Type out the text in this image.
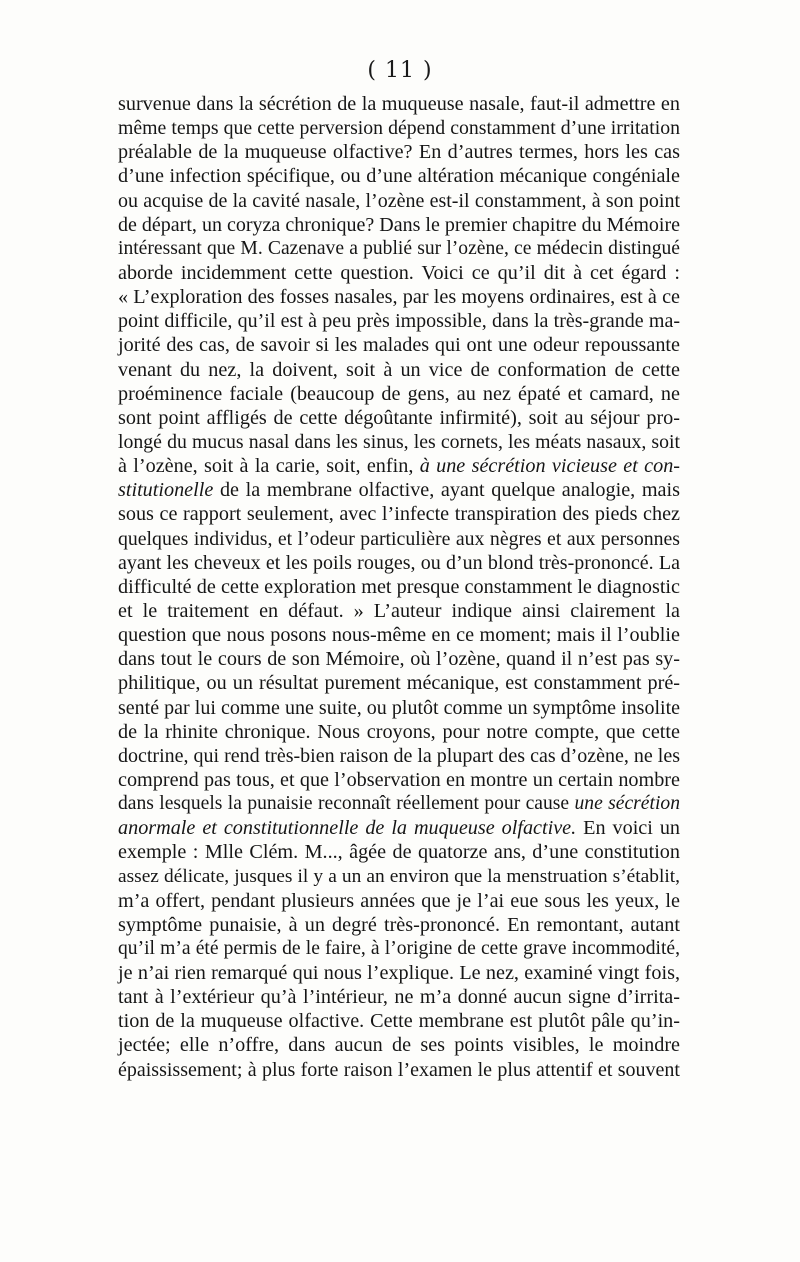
( 11 )
survenue dans la sécrétion de la muqueuse nasale, faut-il admettre en
même temps que cette perversion dépend constamment d’une irritation
préalable de la muqueuse olfactive? En d’autres termes, hors les cas
d’une infection spécifique, ou d’une altération mécanique congéniale
ou acquise de la cavité nasale, l’ozène est-il constamment, à son point
de départ, un coryza chronique? Dans le premier chapitre du Mémoire
intéressant que M. Cazenave a publié sur l’ozène, ce médecin distingué
aborde incidemment cette question. Voici ce qu’il dit à cet égard :
« L’exploration des fosses nasales, par les moyens ordinaires, est à ce
point difficile, qu’il est à peu près impossible, dans la très-grande ma-
jorité des cas, de savoir si les malades qui ont une odeur repoussante
venant du nez, la doivent, soit à un vice de conformation de cette
proéminence faciale (beaucoup de gens, au nez épaté et camard, ne
sont point affligés de cette dégoûtante infirmité), soit au séjour pro-
longé du mucus nasal dans les sinus, les cornets, les méats nasaux, soit
à l’ozène, soit à la carie, soit, enfin, à une sécrétion vicieuse et con-
stitutionelle de la membrane olfactive, ayant quelque analogie, mais
sous ce rapport seulement, avec l’infecte transpiration des pieds chez
quelques individus, et l’odeur particulière aux nègres et aux personnes
ayant les cheveux et les poils rouges, ou d’un blond très-prononcé. La
difficulté de cette exploration met presque constamment le diagnostic
et le traitement en défaut. » L’auteur indique ainsi clairement la
question que nous posons nous-même en ce moment; mais il l’oublie
dans tout le cours de son Mémoire, où l’ozène, quand il n’est pas sy-
philitique, ou un résultat purement mécanique, est constamment pré-
senté par lui comme une suite, ou plutôt comme un symptôme insolite
de la rhinite chronique. Nous croyons, pour notre compte, que cette
doctrine, qui rend très-bien raison de la plupart des cas d’ozène, ne les
comprend pas tous, et que l’observation en montre un certain nombre
dans lesquels la punaisie reconnaît réellement pour cause une sécrétion
anormale et constitutionnelle de la muqueuse olfactive. En voici un
exemple : Mlle Clém. M..., âgée de quatorze ans, d’une constitution
assez délicate, jusques il y a un an environ que la menstruation s’établit,
m’a offert, pendant plusieurs années que je l’ai eue sous les yeux, le
symptôme punaisie, à un degré très-prononcé. En remontant, autant
qu’il m’a été permis de le faire, à l’origine de cette grave incommodité,
je n’ai rien remarqué qui nous l’explique. Le nez, examiné vingt fois,
tant à l’extérieur qu’à l’intérieur, ne m’a donné aucun signe d’irrita-
tion de la muqueuse olfactive. Cette membrane est plutôt pâle qu’in-
jectée; elle n’offre, dans aucun de ses points visibles, le moindre
épaississement; à plus forte raison l’examen le plus attentif et souvent
